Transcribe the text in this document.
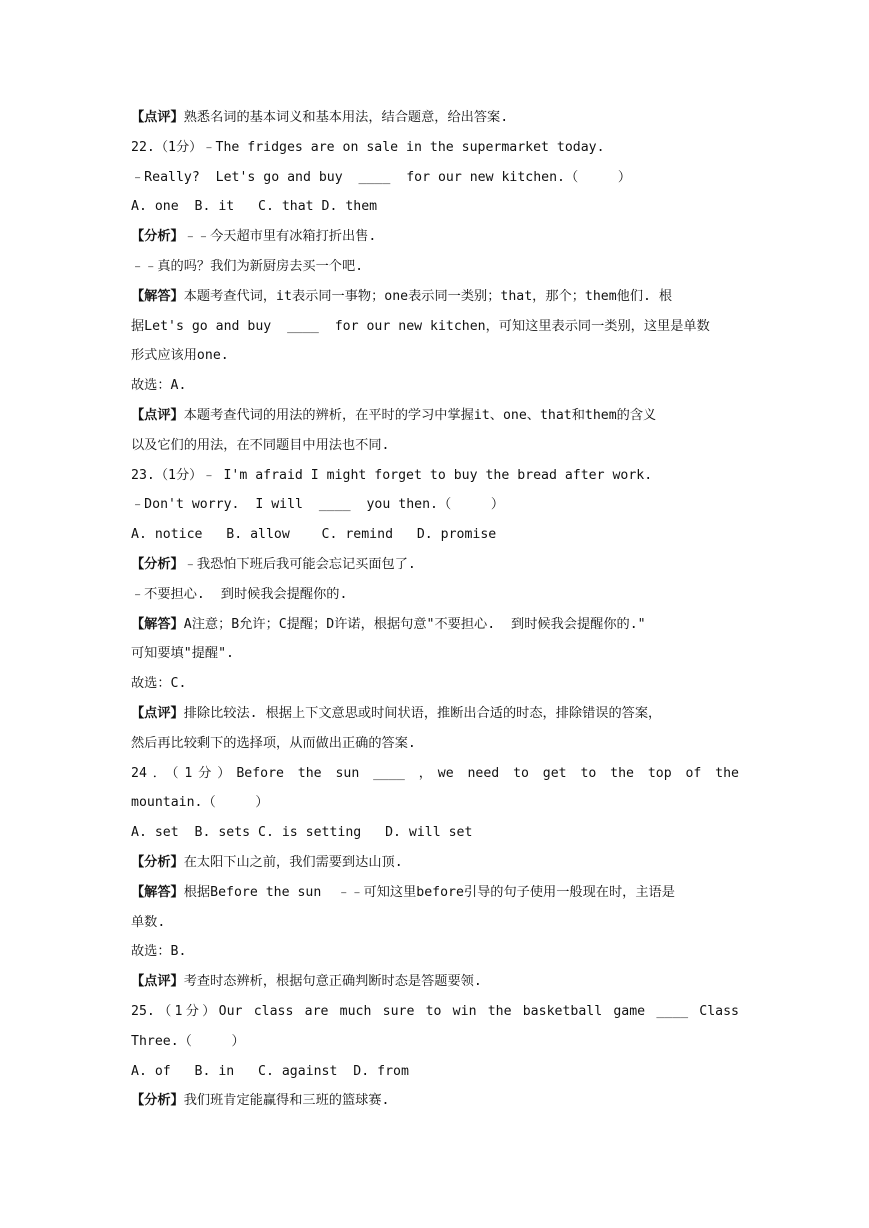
【点评】熟悉名词的基本词义和基本用法，结合题意，给出答案.
22.（1分）﹣The fridges are on sale in the supermarket today.
﹣Really?  Let's go and buy  ____  for our new kitchen.（     ）
A. one  B. it   C. that D. them
【分析】﹣﹣今天超市里有冰箱打折出售.
﹣﹣真的吗？我们为新厨房去买一个吧.
【解答】本题考查代词，it表示同一事物；one表示同一类别；that，那个；them他们. 根
据Let's go and buy  ____  for our new kitchen，可知这里表示同一类别，这里是单数
形式应该用one.
故选：A.
【点评】本题考查代词的用法的辨析，在平时的学习中掌握it、one、that和them的含义
以及它们的用法，在不同题目中用法也不同.
23.（1分）﹣ I'm afraid I might forget to buy the bread after work.
﹣Don't worry.  I will  ____  you then.（     ）
A. notice   B. allow    C. remind   D. promise
【分析】﹣我恐怕下班后我可能会忘记买面包了.
﹣不要担心.  到时候我会提醒你的.
【解答】A注意；B允许；C提醒；D许诺，根据句意"不要担心.  到时候我会提醒你的."
可知要填"提醒".
故选：C.
【点评】排除比较法. 根据上下文意思或时间状语，推断出合适的时态，排除错误的答案，
然后再比较剩下的选择项，从而做出正确的答案.
24．（1分）Before the sun ____ ，we need to get to the top of the
mountain.（     ）
A. set  B. sets C. is setting   D. will set
【分析】在太阳下山之前，我们需要到达山顶.
【解答】根据Before the sun  ﹣﹣可知这里before引导的句子使用一般现在时，主语是
单数.
故选：B.
【点评】考查时态辨析，根据句意正确判断时态是答题要领.
25.（1分）Our class are much sure to win the basketball game ____ Class
Three.（     ）
A. of   B. in   C. against  D. from
【分析】我们班肯定能赢得和三班的篮球赛.
